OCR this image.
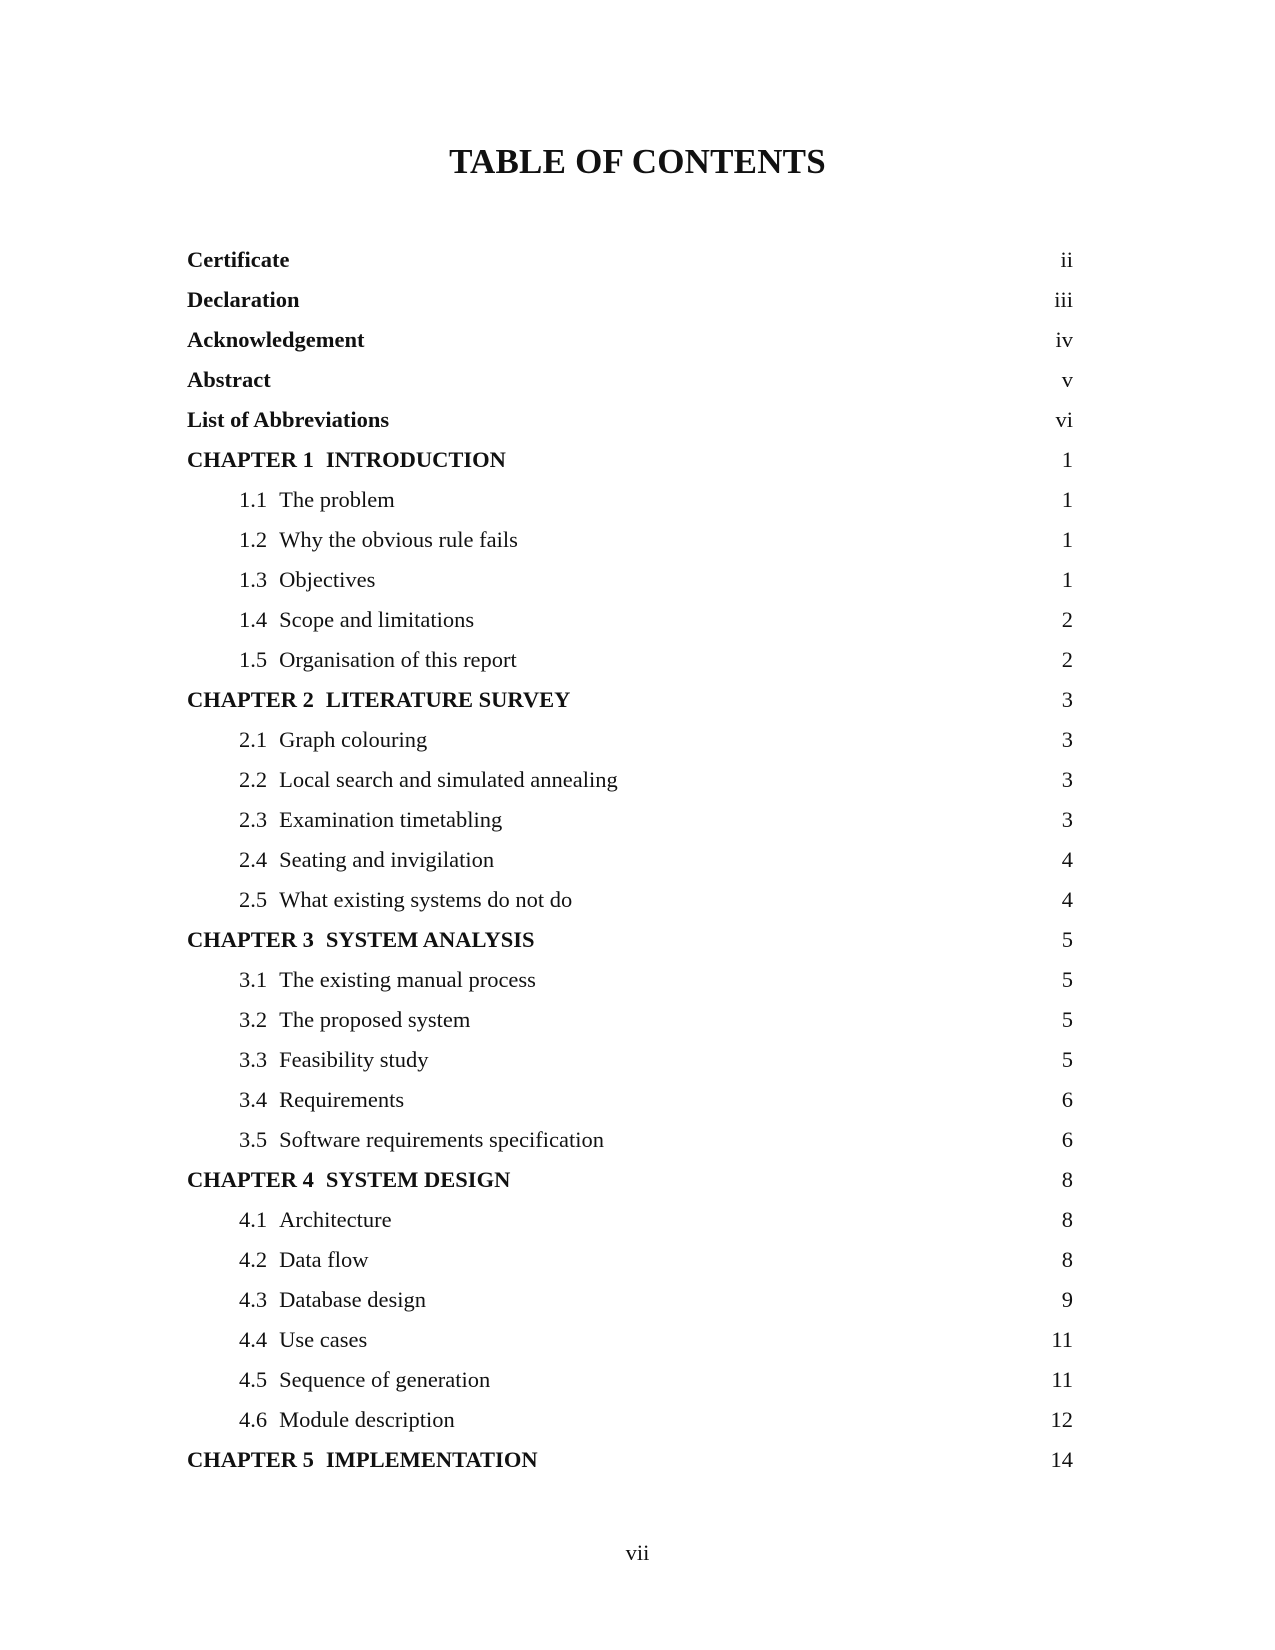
TABLE OF CONTENTS
Certificate	ii
Declaration	iii
Acknowledgement	iv
Abstract	v
List of Abbreviations	vi
CHAPTER 1 INTRODUCTION	1
1.1 The problem	1
1.2 Why the obvious rule fails	1
1.3 Objectives	1
1.4 Scope and limitations	2
1.5 Organisation of this report	2
CHAPTER 2 LITERATURE SURVEY	3
2.1 Graph colouring	3
2.2 Local search and simulated annealing	3
2.3 Examination timetabling	3
2.4 Seating and invigilation	4
2.5 What existing systems do not do	4
CHAPTER 3 SYSTEM ANALYSIS	5
3.1 The existing manual process	5
3.2 The proposed system	5
3.3 Feasibility study	5
3.4 Requirements	6
3.5 Software requirements specification	6
CHAPTER 4 SYSTEM DESIGN	8
4.1 Architecture	8
4.2 Data flow	8
4.3 Database design	9
4.4 Use cases	11
4.5 Sequence of generation	11
4.6 Module description	12
CHAPTER 5 IMPLEMENTATION	14
vii
